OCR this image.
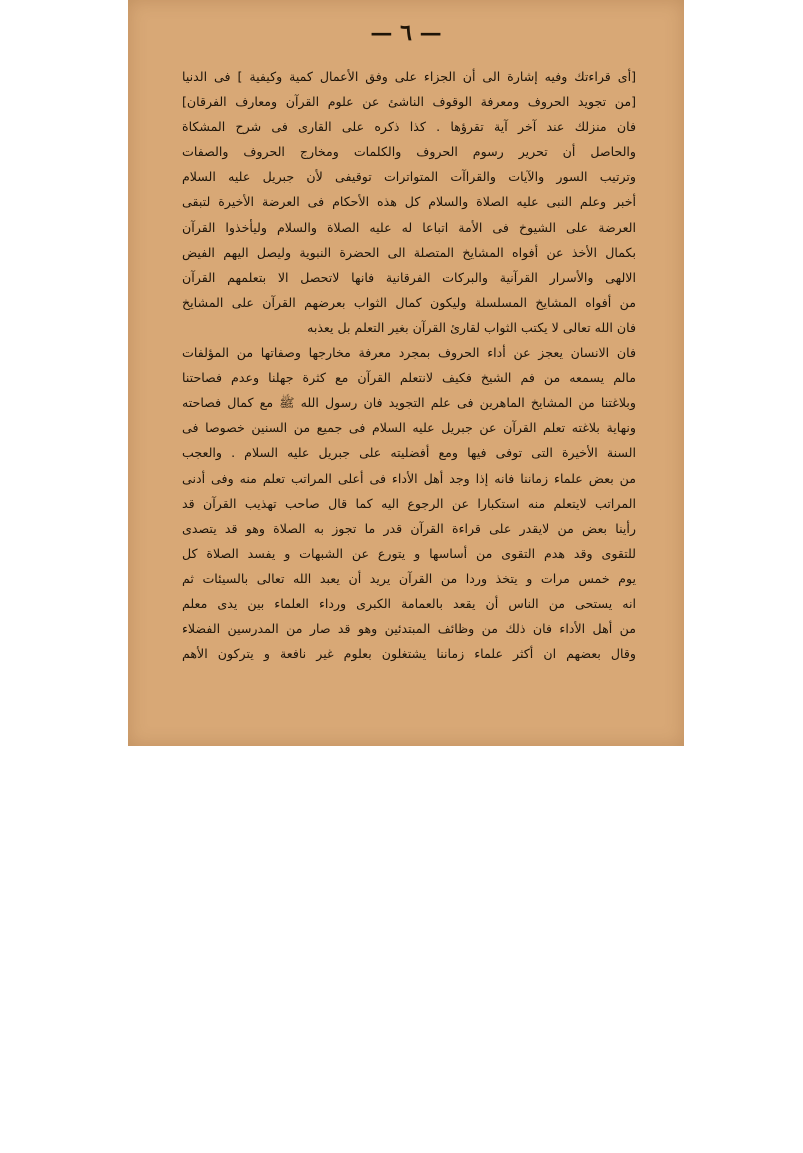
— ٦ —
[أى قراءتك وفيه إشارة الى أن الجزاء على وفق الأعمال كمية وكيفية ] فى الدنيا
[من تجويد الحروف ومعرفة الوقوف الناشئ عن علوم القرآن ومعارف الفرقان]
فان منزلك عند آخر آية تقرؤها . كذا ذكره على القارى فى شرح المشكاة
والحاصل أن تحرير رسوم الحروف والكلمات ومخارج الحروف والصفات
وترتيب السور والآيات والقراآت المتواترات توقيفى لأن جبريل عليه السلام
أخبر وعلم النبى عليه الصلاة والسلام كل هذه الأحكام فى العرضة الأخيرة لتبقى
العرضة على الشيوخ فى الأمة اتباعا له عليه الصلاة والسلام وليأخذوا القرآن
بكمال الأخذ عن أفواه المشايخ المتصلة الى الحضرة النبوية وليصل اليهم الفيض
الالهى والأسرار القرآنية والبركات الفرقانية فانها لاتحصل الا بتعلمهم القرآن
من أفواه المشايخ المسلسلة وليكون كمال الثواب بعرضهم القرآن على المشايخ
فان الله تعالى لا يكتب الثواب لقارئ القرآن بغير التعلم بل يعذبه
فان الانسان يعجز عن أداء الحروف بمجرد معرفة مخارجها وصفاتها من المؤلفات
مالم يسمعه من فم الشيخ فكيف لانتعلم القرآن مع كثرة جهلنا وعدم فصاحتنا
وبلاغتنا من المشايخ الماهرين فى علم التجويد فان رسول الله ﷺ مع كمال فصاحته
ونهاية بلاغته تعلم القرآن عن جبريل عليه السلام فى جميع من السنين خصوصا فى
السنة الأخيرة التى توفى فيها ومع أفضليته على جبريل عليه السلام . والعجب
من بعض علماء زماننا فانه إذا وجد أهل الأداء فى أعلى المراتب تعلم منه وفى أدنى
المراتب لايتعلم منه استكبارا عن الرجوع اليه كما قال صاحب تهذيب القرآن قد
رأينا بعض من لايقدر على قراءة القرآن قدر ما تجوز به الصلاة وهو قد يتصدى
للتقوى وقد هدم التقوى من أساسها و يتورع عن الشبهات و يفسد الصلاة كل
يوم خمس مرات و يتخذ وردا من القرآن يريد أن يعبد الله تعالى بالسيئات ثم
انه يستحى من الناس أن يقعد بالعمامة الكبرى ورداء العلماء بين يدى معلم
من أهل الأداء فان ذلك من وظائف المبتدئين وهو قد صار من المدرسين الفضلاء
وقال بعضهم ان أكثر علماء زماننا يشتغلون بعلوم غير نافعة و يتركون الأهم
